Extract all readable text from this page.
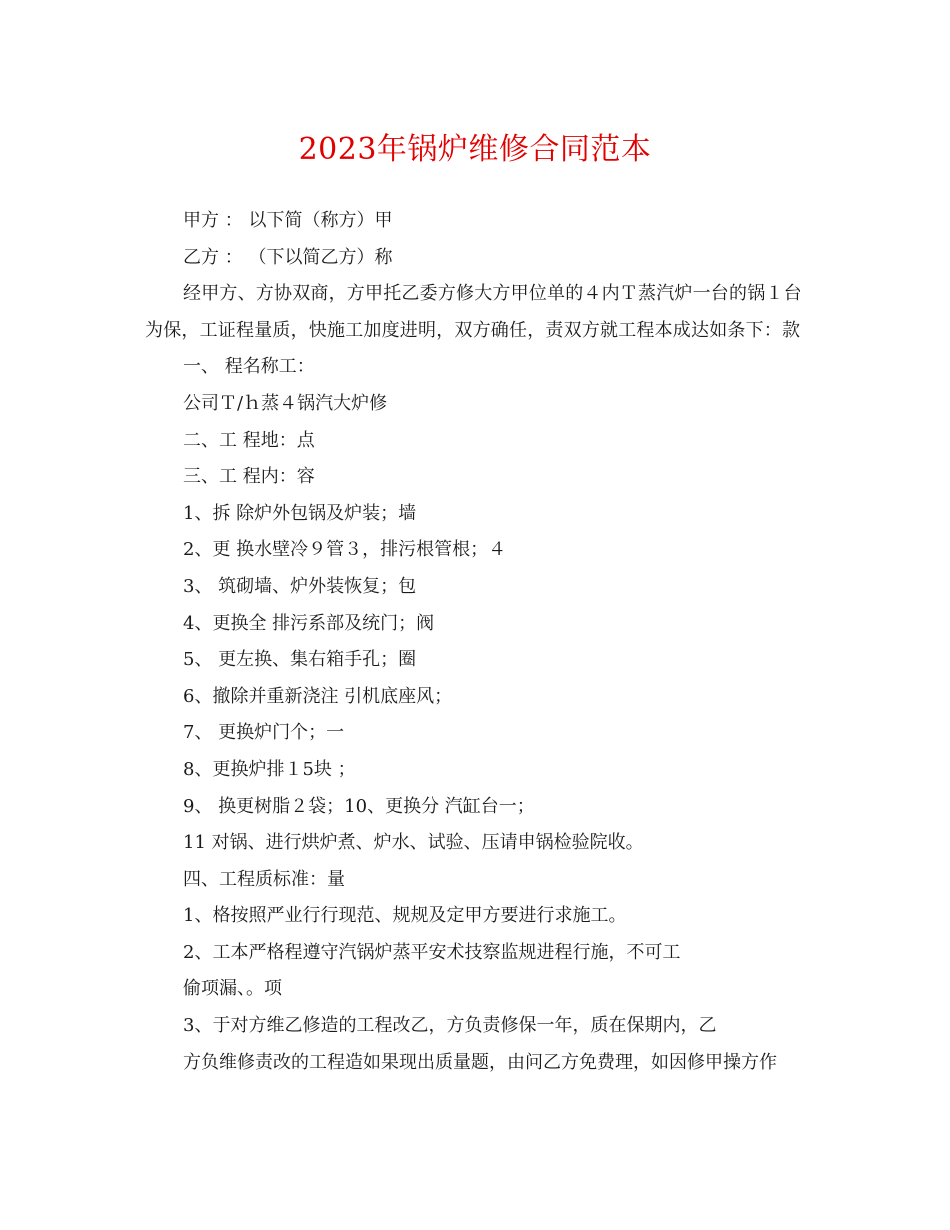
2023年锅炉维修合同范本

甲方 ： 以下简（称方）甲

乙方 ： （下以简乙方）称

经甲方、方协双商，方甲托乙委方修大方甲位单的４内Ｔ蒸汽炉一台的锅１台为保，工证程量质，快施工加度进明，双方确任，责双方就工程本成达如条下：款

一、 程名称工：

公司Ｔ/ｈ蒸４锅汽大炉修

二、工 程地：点

三、工 程内：容

1、拆 除炉外包锅及炉装；墙

2、更 换水壁冷９管３，排污根管根；４

3、 筑砌墙、炉外装恢复；包

4、更换全 排污系部及统门；阀

5、 更左换、集右箱手孔；圈

6、撤除并重新浇注 引机底座风；

7、 更换炉门个；一

8、更换炉排１5块 ；

9、 换更树脂２袋；10、更换分 汽缸台一；

11 对锅、进行烘炉煮、炉水、试验、压请申锅检验院收。

四、工程质标准：量

1、格按照严业行行现范、规规及定甲方要进行求施工。

2、工本严格程遵守汽锅炉蒸平安术技察监规进程行施，不可工

偷项漏、。项

3、于对方维乙修造的工程改乙，方负责修保一年，质在保期内，乙

方负维修责改的工程造如果现出质量题，由问乙方免费理，如因修甲操方作
